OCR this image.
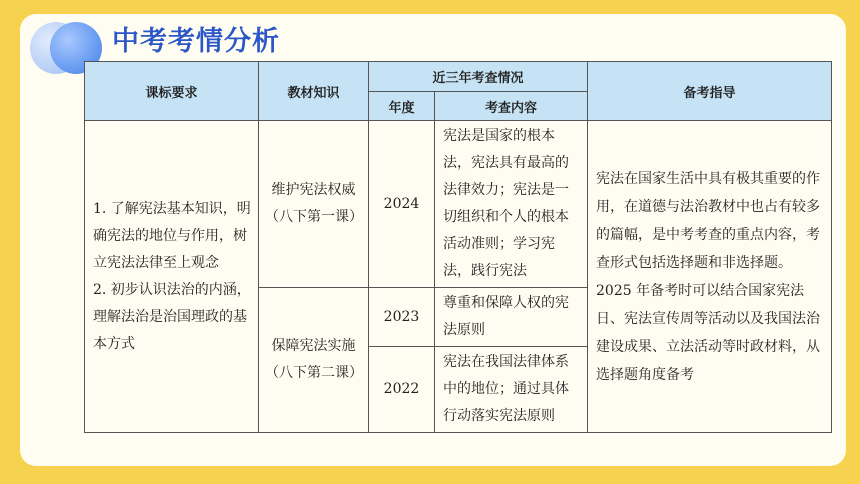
中考考情分析
课标要求	教材知识	近三年考查情况		备考指导
		年度	考查内容	

1. 了解宪法基本知识，明确宪法的地位与作用，树立宪法法律至上观念
2. 初步认识法治的内涵，理解法治是治国理政的基本方式	维护宪法权威（八下第一课）	2024	宪法是国家的根本法，宪法具有最高的法律效力；宪法是一切组织和个人的根本活动准则；学习宪法，践行宪法	宪法在国家生活中具有极其重要的作用，在道德与法治教材中也占有较多的篇幅，是中考考查的重点内容，考查形式包括选择题和非选择题。2025 年备考时可以结合国家宪法日、宪法宣传周等活动以及我国法治建设成果、立法活动等时政材料，从选择题角度备考
	保障宪法实施（八下第二课）	2023	尊重和保障人权的宪法原则	
		2022	宪法在我国法律体系中的地位；通过具体行动落实宪法原则	
